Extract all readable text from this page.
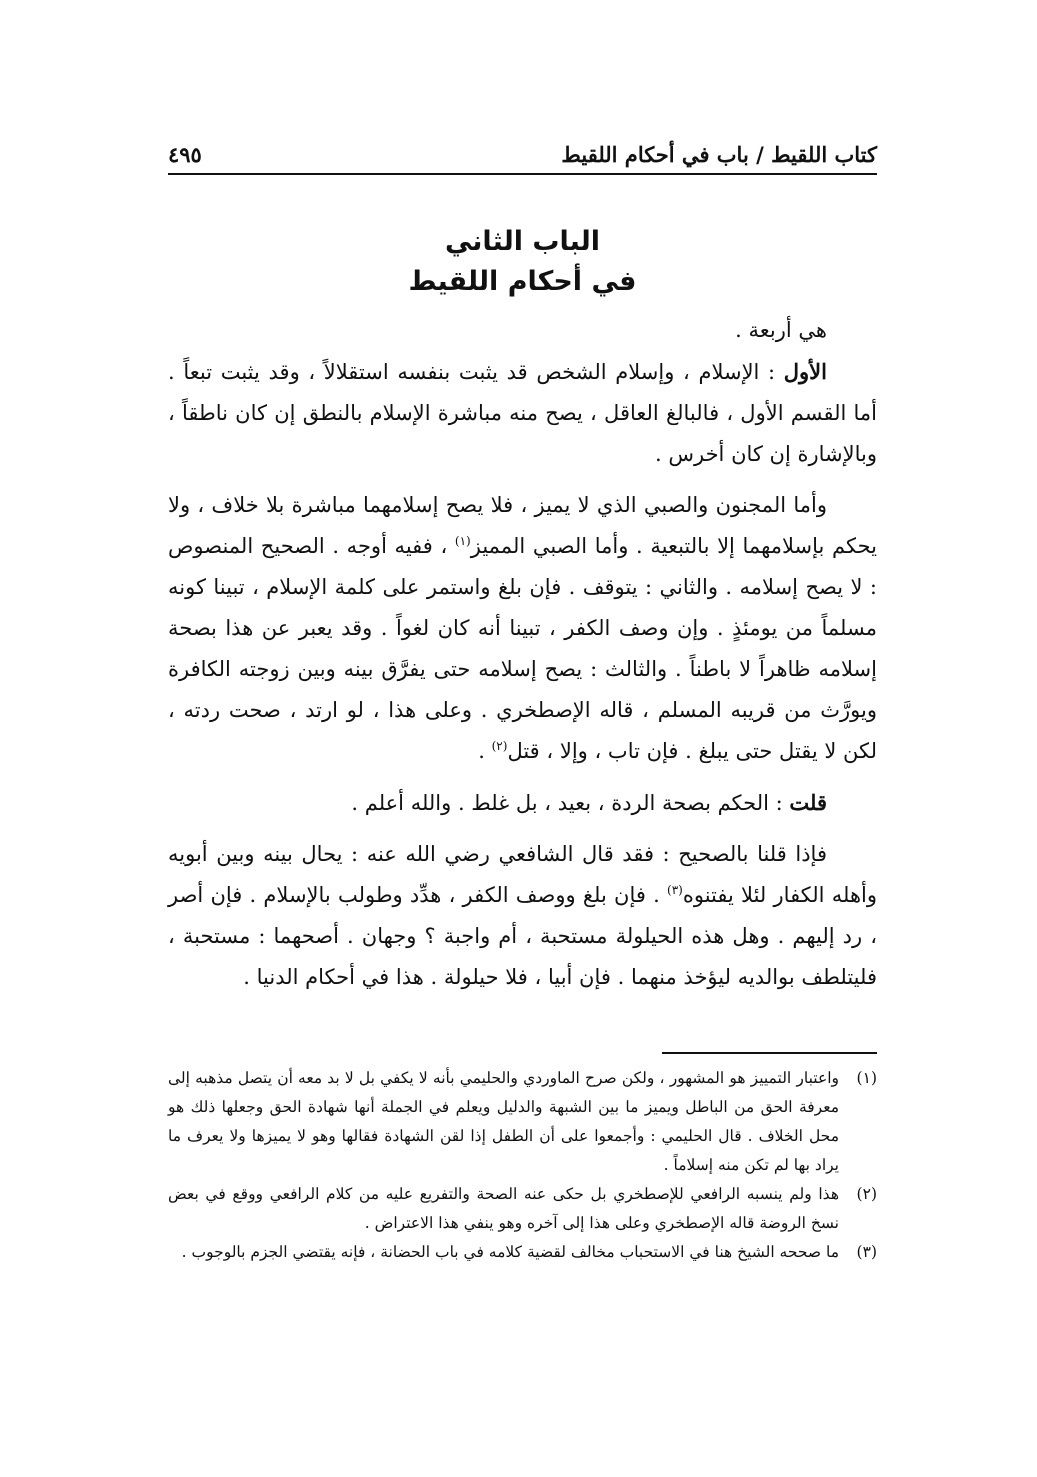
كتاب اللقيط / باب في أحكام اللقيط
٤٩٥
الباب الثاني
في أحكام اللقيط

هي أربعة .

الأول : الإسلام ، وإسلام الشخص قد يثبت بنفسه استقلالاً ، وقد يثبت تبعاً . أما القسم الأول ، فالبالغ العاقل ، يصح منه مباشرة الإسلام بالنطق إن كان ناطقاً ، وبالإشارة إن كان أخرس .

وأما المجنون والصبي الذي لا يميز ، فلا يصح إسلامهما مباشرة بلا خلاف ، ولا يحكم بإسلامهما إلا بالتبعية . وأما الصبي المميز$^{(١)}$ ، ففيه أوجه . الصحيح المنصوص : لا يصح إسلامه . والثاني : يتوقف . فإن بلغ واستمر على كلمة الإسلام ، تبينا كونه مسلماً من يومئذٍ . وإن وصف الكفر ، تبينا أنه كان لغواً . وقد يعبر عن هذا بصحة إسلامه ظاهراً لا باطناً . والثالث : يصح إسلامه حتى يفرَّق بينه وبين زوجته الكافرة ويورَّث من قريبه المسلم ، قاله الإصطخري . وعلى هذا ، لو ارتد ، صحت ردته ، لكن لا يقتل حتى يبلغ . فإن تاب ، وإلا ، قتل$^{(٢)}$ .

قلت : الحكم بصحة الردة ، بعيد ، بل غلط . والله أعلم .

فإذا قلنا بالصحيح : فقد قال الشافعي رضي الله عنه : يحال بينه وبين أبويه وأهله الكفار لئلا يفتنوه$^{(٣)}$ . فإن بلغ ووصف الكفر ، هدِّد وطولب بالإسلام . فإن أصر ، رد إليهم . وهل هذه الحيلولة مستحبة ، أم واجبة ؟ وجهان . أصحهما : مستحبة ، فليتلطف بوالديه ليؤخذ منهما . فإن أبيا ، فلا حيلولة . هذا في أحكام الدنيا .

(١)
واعتبار التمييز هو المشهور ، ولكن صرح الماوردي والحليمي بأنه لا يكفي بل لا بد معه أن يتصل مذهبه إلى معرفة الحق من الباطل ويميز ما بين الشبهة والدليل ويعلم في الجملة أنها شهادة الحق وجعلها ذلك هو محل الخلاف . قال الحليمي : وأجمعوا على أن الطفل إذا لقن الشهادة فقالها وهو لا يميزها ولا يعرف ما يراد بها لم تكن منه إسلاماً .
(٢)
هذا ولم ينسبه الرافعي للإصطخري بل حكى عنه الصحة والتفريع عليه من كلام الرافعي ووقع في بعض نسخ الروضة قاله الإصطخري وعلى هذا إلى آخره وهو ينفي هذا الاعتراض .
(٣)
ما صححه الشيخ هنا في الاستحباب مخالف لقضية كلامه في باب الحضانة ، فإنه يقتضي الجزم بالوجوب .
